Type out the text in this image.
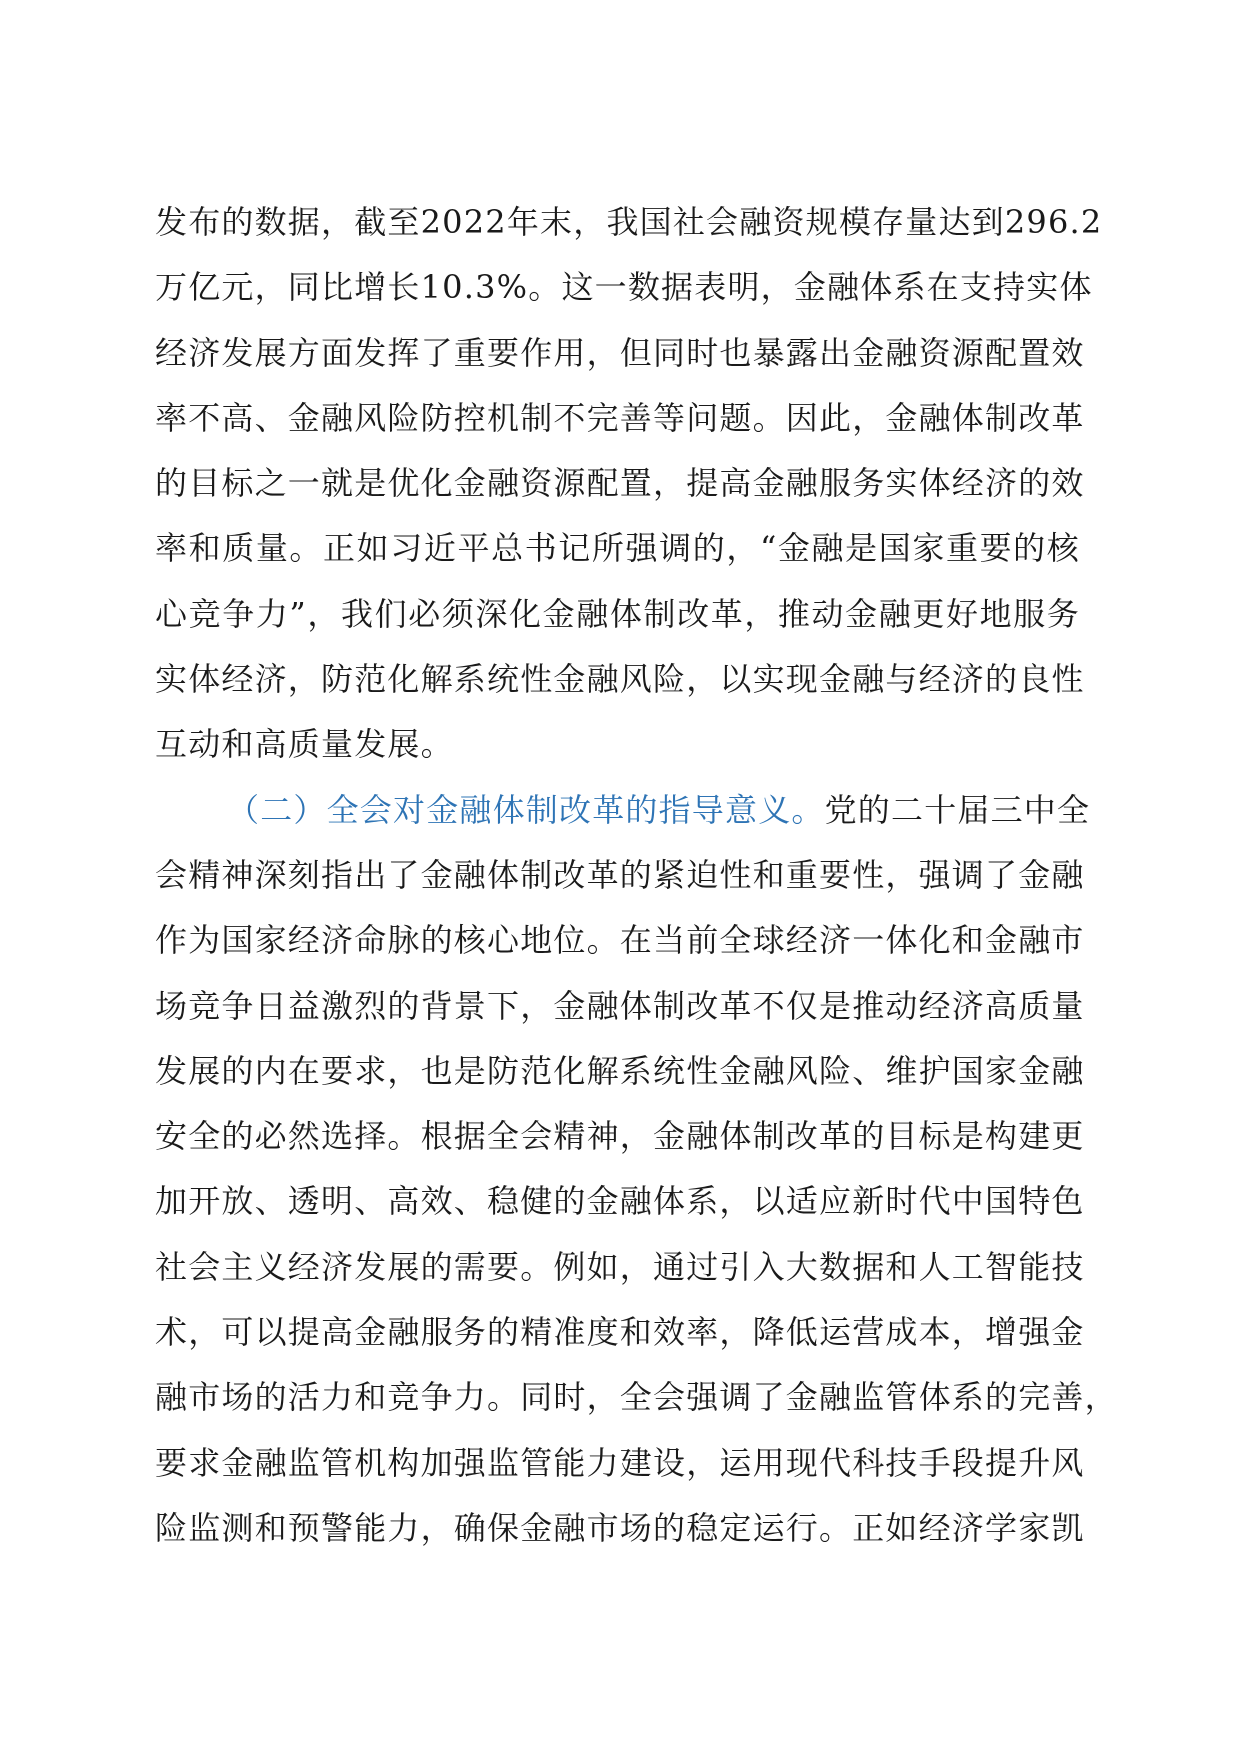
发布的数据，截至2022年末，我国社会融资规模存量达到296.2
万亿元，同比增长10.3%。这一数据表明，金融体系在支持实体
经济发展方面发挥了重要作用，但同时也暴露出金融资源配置效
率不高、金融风险防控机制不完善等问题。因此，金融体制改革
的目标之一就是优化金融资源配置，提高金融服务实体经济的效
率和质量。正如习近平总书记所强调的，“金融是国家重要的核
心竞争力”，我们必须深化金融体制改革，推动金融更好地服务
实体经济，防范化解系统性金融风险，以实现金融与经济的良性
互动和高质量发展。

（二）全会对金融体制改革的指导意义。党的二十届三中全
会精神深刻指出了金融体制改革的紧迫性和重要性，强调了金融
作为国家经济命脉的核心地位。在当前全球经济一体化和金融市
场竞争日益激烈的背景下，金融体制改革不仅是推动经济高质量
发展的内在要求，也是防范化解系统性金融风险、维护国家金融
安全的必然选择。根据全会精神，金融体制改革的目标是构建更
加开放、透明、高效、稳健的金融体系，以适应新时代中国特色
社会主义经济发展的需要。例如，通过引入大数据和人工智能技
术，可以提高金融服务的精准度和效率，降低运营成本，增强金
融市场的活力和竞争力。同时，全会强调了金融监管体系的完善，
要求金融监管机构加强监管能力建设，运用现代科技手段提升风
险监测和预警能力，确保金融市场的稳定运行。正如经济学家凯
